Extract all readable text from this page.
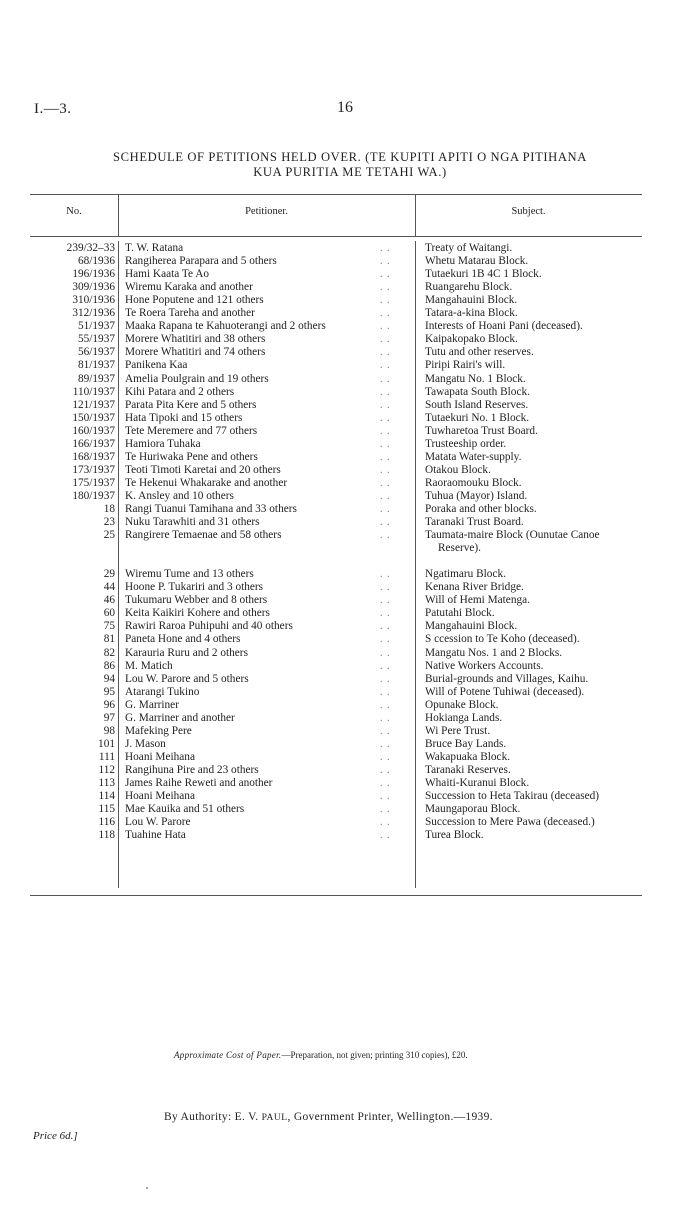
I.—3.	16
SCHEDULE OF PETITIONS HELD OVER. (TE KUPITI APITI O NGA PITIHANA
KUA PURITIA ME TETAHI WA.)
No.	Petitioner.	Subject.
239/32–33 T. W. Ratana	. .	Treaty of Waitangi.
68/1936 Rangiherea Parapara and 5 others	. .	Whetu Matarau Block.
196/1936 Hami Kaata Te Ao	. .	Tutaekuri 1B 4C 1 Block.
309/1936 Wiremu Karaka and another	. .	Ruangarehu Block.
310/1936 Hone Poputene and 121 others	. .	Mangahauini Block.
312/1936 Te Roera Tareha and another	. .	Tatara-a-kina Block.
51/1937 Maaka Rapana te Kahuoterangi and 2 others	. .	Interests of Hoani Pani (deceased).
55/1937 Morere Whatitiri and 38 others	. .	Kaipakopako Block.
56/1937 Morere Whatitiri and 74 others	. .	Tutu and other reserves.
81/1937 Panikena Kaa	. .	Piripi Rairi's will.
89/1937 Amelia Poulgrain and 19 others	. .	Mangatu No. 1 Block.
110/1937 Kihi Patara and 2 others	. .	Tawapata South Block.
121/1937 Parata Pita Kere and 5 others	. .	South Island Reserves.
150/1937 Hata Tipoki and 15 others	. .	Tutaekuri No. 1 Block.
160/1937 Tete Meremere and 77 others	. .	Tuwharetoa Trust Board.
166/1937 Hamiora Tuhaka	. .	Trusteeship order.
168/1937 Te Huriwaka Pene and others	. .	Matata Water-supply.
173/1937 Teoti Timoti Karetai and 20 others	. .	Otakou Block.
175/1937 Te Hekenui Whakarake and another	. .	Raoraomouku Block.
180/1937 K. Ansley and 10 others	. .	Tuhua (Mayor) Island.
18 Rangi Tuanui Tamihana and 33 others	. .	Poraka and other blocks.
23 Nuku Tarawhiti and 31 others	. .	Taranaki Trust Board.
25 Rangirere Temaenae and 58 others	. .	Taumata-maire Block (Ounutae Canoe
Reserve).
29 Wiremu Tume and 13 others	. .	Ngatimaru Block.
44 Hoone P. Tukariri and 3 others	. .	Kenana River Bridge.
46 Tukumaru Webber and 8 others	. .	Will of Hemi Matenga.
60 Keita Kaikiri Kohere and others	. .	Patutahi Block.
75 Rawiri Raroa Puhipuhi and 40 others	. .	Mangahauini Block.
81 Paneta Hone and 4 others	. .	S ccession to Te Koho (deceased).
82 Karauria Ruru and 2 others	. .	Mangatu Nos. 1 and 2 Blocks.
86 M. Matich	. .	Native Workers Accounts.
94 Lou W. Parore and 5 others	. .	Burial-grounds and Villages, Kaihu.
95 Atarangi Tukino	. .	Will of Potene Tuhiwai (deceased).
96 G. Marriner	. .	Opunake Block.
97 G. Marriner and another	. .	Hokianga Lands.
98 Mafeking Pere	. .	Wi Pere Trust.
101 J. Mason	. .	Bruce Bay Lands.
111 Hoani Meihana	. .	Wakapuaka Block.
112 Rangihuna Pire and 23 others	. .	Taranaki Reserves.
113 James Raihe Reweti and another	. .	Whaiti-Kuranui Block.
114 Hoani Meihana	. .	Succession to Heta Takirau (deceased)
115 Mae Kauika and 51 others	. .	Maungaporau Block.
116 Lou W. Parore	. .	Succession to Mere Pawa (deceased.)
118 Tuahine Hata	. .	Turea Block.
Approximate Cost of Paper.—Preparation, not given; printing 310 copies), £20.
By Authority: E. V. PAUL, Government Printer, Wellington.—1939.
Price 6d.]
